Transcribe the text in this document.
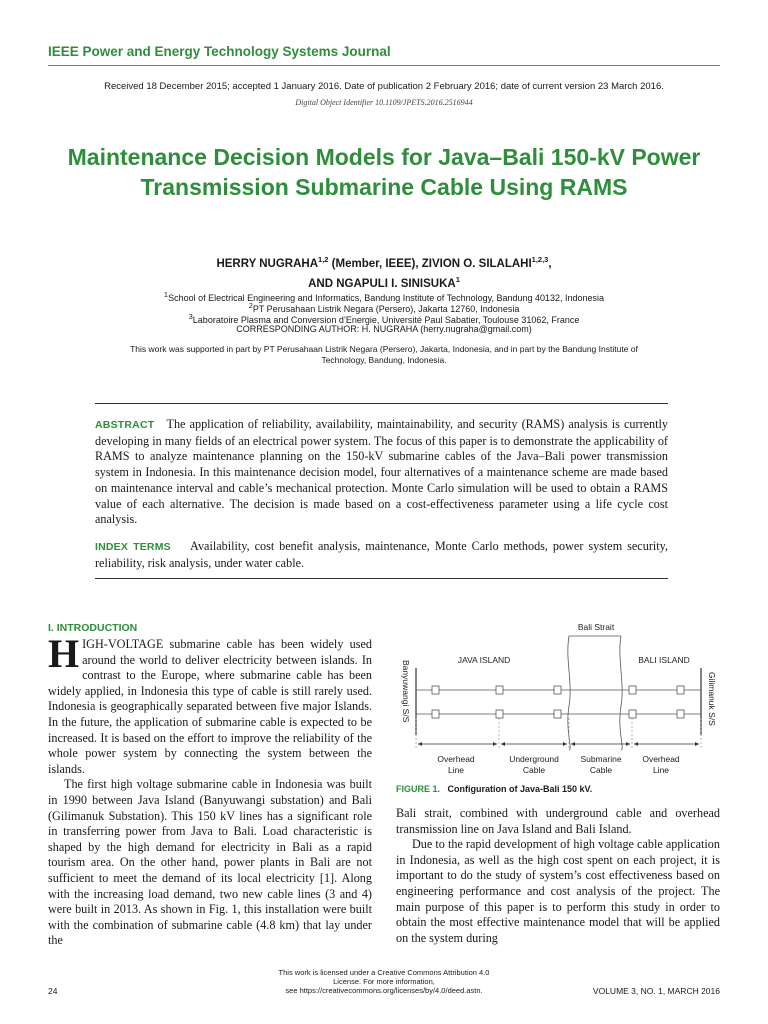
IEEE Power and Energy Technology Systems Journal
Received 18 December 2015; accepted 1 January 2016. Date of publication 2 February 2016; date of current version 23 March 2016.
Digital Object Identifier 10.1109/JPETS.2016.2516944
Maintenance Decision Models for Java–Bali 150-kV Power Transmission Submarine Cable Using RAMS
HERRY NUGRAHA$^{1,2}$ (Member, IEEE), ZIVION O. SILALAHI$^{1,2,3}$,
AND NGAPULI I. SINISUKA$^1$
$^1$School of Electrical Engineering and Informatics, Bandung Institute of Technology, Bandung 40132, Indonesia
$^2$PT Perusahaan Listrik Negara (Persero), Jakarta 12760, Indonesia
$^3$Laboratoire Plasma and Conversion d’Energie, Université Paul Sabatier, Toulouse 31062, France
CORRESPONDING AUTHOR: H. NUGRAHA (herry.nugraha@gmail.com)
This work was supported in part by PT Perusahaan Listrik Negara (Persero), Jakarta, Indonesia, and in part by the Bandung Institute of Technology, Bandung, Indonesia.
ABSTRACT The application of reliability, availability, maintainability, and security (RAMS) analysis is currently developing in many fields of an electrical power system. The focus of this paper is to demonstrate the applicability of RAMS to analyze maintenance planning on the 150-kV submarine cables of the Java–Bali power transmission system in Indonesia. In this maintenance decision model, four alternatives of a maintenance scheme are made based on maintenance interval and cable’s mechanical protection. Monte Carlo simulation will be used to obtain a RAMS value of each alternative. The decision is made based on a cost-effectiveness parameter using a life cycle cost analysis.
INDEX TERMS Availability, cost benefit analysis, maintenance, Monte Carlo methods, power system security, reliability, risk analysis, under water cable.
I. INTRODUCTION

HIGH-VOLTAGE submarine cable has been widely used around the world to deliver electricity between islands. In contrast to the Europe, where submarine cable has been widely applied, in Indonesia this type of cable is still rarely used. Indonesia is geographically separated between five major Islands. In the future, the application of submarine cable is expected to be increased. It is based on the effort to improve the reliability of the whole power system by connecting the system between the islands.

The first high voltage submarine cable in Indonesia was built in 1990 between Java Island (Banyuwangi substation) and Bali (Gilimanuk Substation). This 150 kV lines has a significant role in transferring power from Java to Bali. Load characteristic is shaped by the high demand for electricity in Bali as a rapid tourism area. On the other hand, power plants in Bali are not sufficient to meet the demand of its local electricity [1]. Along with the increasing load demand, two new cable lines (3 and 4) were built in 2013. As shown in Fig. 1, this installation were built with the combination of submarine cable (4.8 km) that lay under the

Bali Strait
JAVA ISLAND	BALI ISLAND
Banyuwangi S/S	Gilimanuk S/S
Overhead
Line
Underground
Cable
Submarine
Cable
Overhead
Line
FIGURE 1. Configuration of Java-Bali 150 kV.

Bali strait, combined with underground cable and overhead transmission line on Java Island and Bali Island.

Due to the rapid development of high voltage cable application in Indonesia, as well as the high cost spent on each project, it is important to do the study of system’s cost effectiveness based on engineering performance and cost analysis of the project. The main purpose of this paper is to perform this study in order to obtain the most effective maintenance model that will be applied on the system during

This work is licensed under a Creative Commons Attribution 4.0
License. For more information,
see https://creativecommons.org/licenses/by/4.0/deed.astn.
24	VOLUME 3, NO. 1, MARCH 2016
